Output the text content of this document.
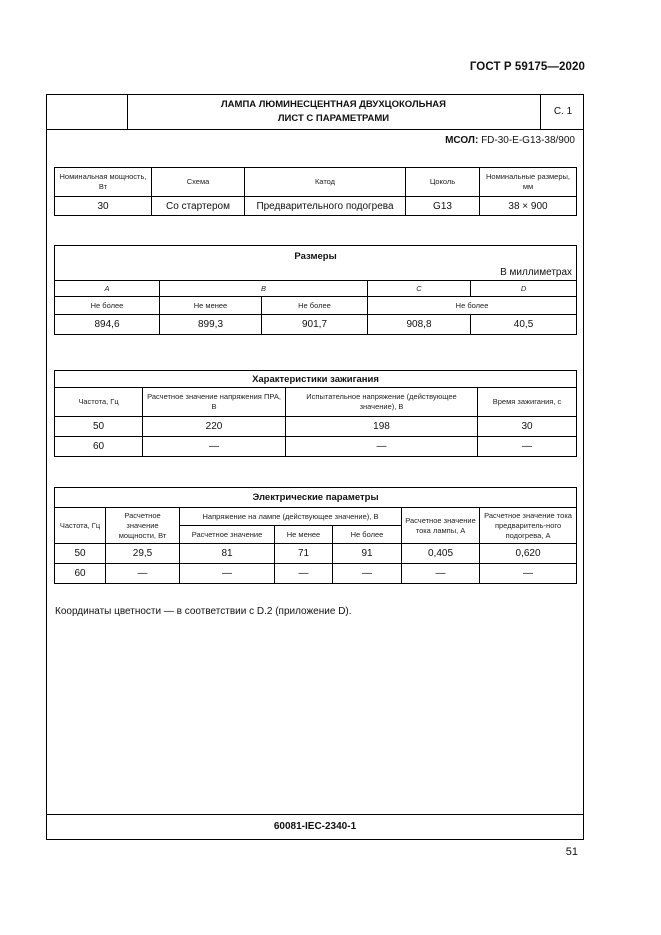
ГОСТ Р 59175—2020
ЛАМПА ЛЮМИНЕСЦЕНТНАЯ ДВУХЦОКОЛЬНАЯ
ЛИСТ С ПАРАМЕТРАМИ
С. 1
МСОЛ: FD-30-E-G13-38/900
Номинальная мощность, Вт	Схема	Катод	Цоколь	Номинальные размеры, мм
30	Со стартером	Предварительного подогрева	G13	38 × 900
Размеры
В миллиметрах				

A	B		C	D
Не более	Не менее	Не более	Не более	
894,6	899,3	901,7	908,8	40,5
Характеристики зажигания			
Частота, Гц	Расчетное значение напряжения ПРА, В	Испытательное напряжение (действующее значение), В	Время зажигания, с
50	220	198	30
60	—	—	—
Электрические параметры						
Частота, Гц	Расчетное значение мощности, Вт	Напряжение на лампе (действующее значение), В			Расчетное значение тока лампы, А	Расчетное значение тока предваритель-ного подогрева, А
		Расчетное значение	Не менее	Не более		
50	29,5	81	71	91	0,405	0,620
60	—	—	—	—	—	—
Координаты цветности — в соответствии с D.2 (приложение D).
60081-IEC-2340-1
51
